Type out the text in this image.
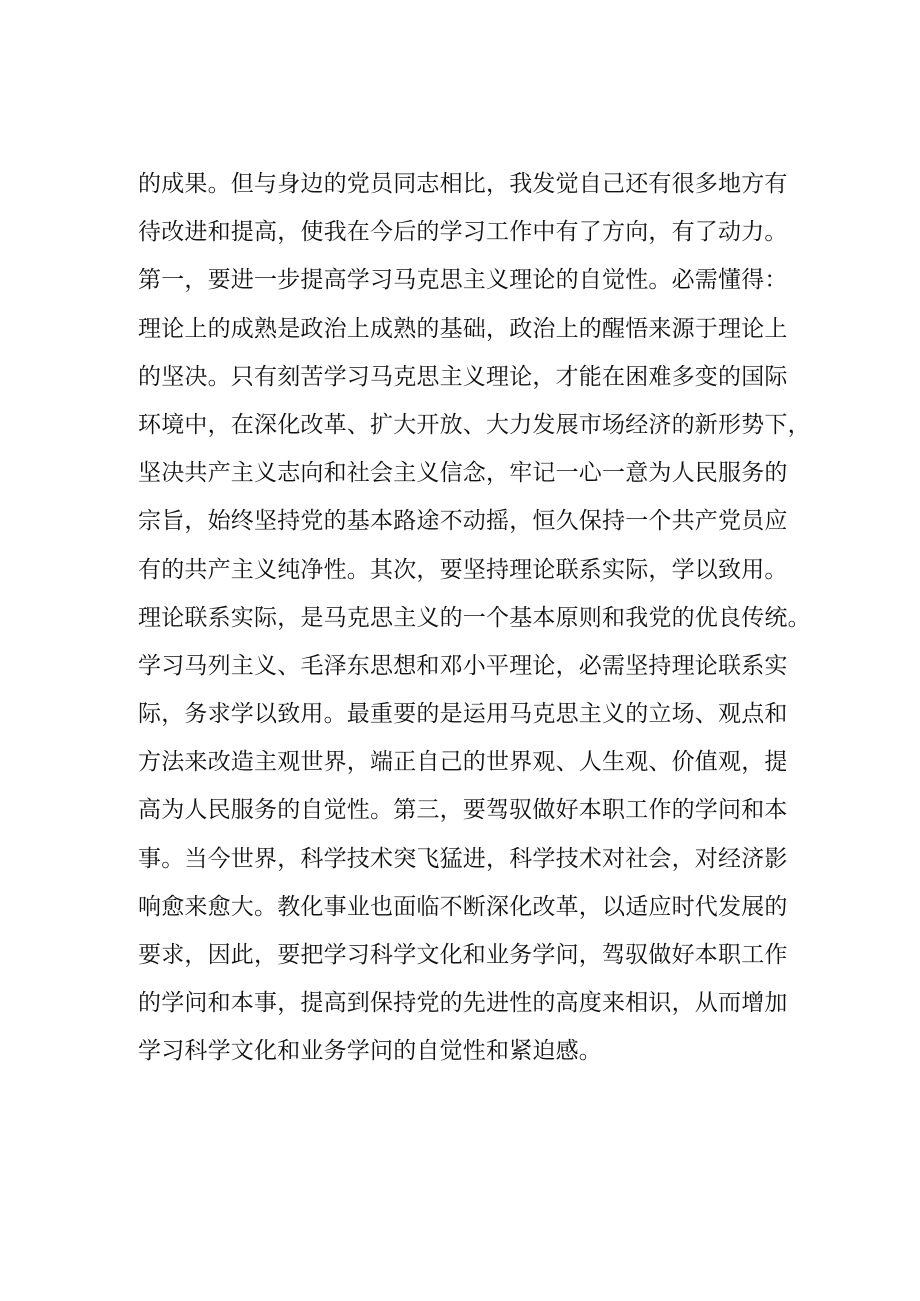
的成果。但与身边的党员同志相比，我发觉自己还有很多地方有
待改进和提高，使我在今后的学习工作中有了方向，有了动力。
第一，要进一步提高学习马克思主义理论的自觉性。必需懂得：
理论上的成熟是政治上成熟的基础，政治上的醒悟来源于理论上
的坚决。只有刻苦学习马克思主义理论，才能在困难多变的国际
环境中，在深化改革、扩大开放、大力发展市场经济的新形势下，
坚决共产主义志向和社会主义信念，牢记一心一意为人民服务的
宗旨，始终坚持党的基本路途不动摇，恒久保持一个共产党员应
有的共产主义纯净性。其次，要坚持理论联系实际，学以致用。
理论联系实际，是马克思主义的一个基本原则和我党的优良传统。
学习马列主义、毛泽东思想和邓小平理论，必需坚持理论联系实
际，务求学以致用。最重要的是运用马克思主义的立场、观点和
方法来改造主观世界，端正自己的世界观、人生观、价值观，提
高为人民服务的自觉性。第三，要驾驭做好本职工作的学问和本
事。当今世界，科学技术突飞猛进，科学技术对社会，对经济影
响愈来愈大。教化事业也面临不断深化改革，以适应时代发展的
要求，因此，要把学习科学文化和业务学问，驾驭做好本职工作
的学问和本事，提高到保持党的先进性的高度来相识，从而增加
学习科学文化和业务学问的自觉性和紧迫感。
